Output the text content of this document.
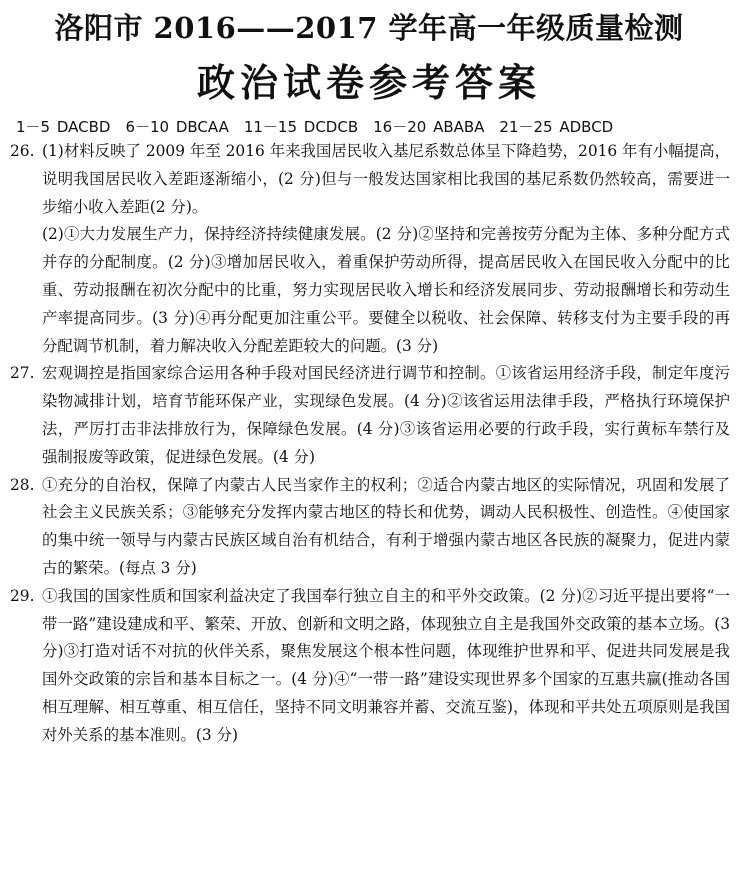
洛阳市 2016——2017 学年高一年级质量检测
政治试卷参考答案
1－5 DACBD　6－10 DBCAA　11－15 DCDCB　16－20 ABABA　21－25 ADBCD
26. (1)材料反映了 2009 年至 2016 年来我国居民收入基尼系数总体呈下降趋势，2016 年有小幅提高，说明我国居民收入差距逐渐缩小，(2 分)但与一般发达国家相比我国的基尼系数仍然较高，需要进一步缩小收入差距(2 分)。
(2)①大力发展生产力，保持经济持续健康发展。(2 分)②坚持和完善按劳分配为主体、多种分配方式并存的分配制度。(2 分)③增加居民收入，着重保护劳动所得，提高居民收入在国民收入分配中的比重、劳动报酬在初次分配中的比重，努力实现居民收入增长和经济发展同步、劳动报酬增长和劳动生产率提高同步。(3 分)④再分配更加注重公平。要健全以税收、社会保障、转移支付为主要手段的再分配调节机制，着力解决收入分配差距较大的问题。(3 分)
27. 宏观调控是指国家综合运用各种手段对国民经济进行调节和控制。①该省运用经济手段，制定年度污染物减排计划，培育节能环保产业，实现绿色发展。(4 分)②该省运用法律手段，严格执行环境保护法，严厉打击非法排放行为，保障绿色发展。(4 分)③该省运用必要的行政手段，实行黄标车禁行及强制报废等政策，促进绿色发展。(4 分)
28. ①充分的自治权，保障了内蒙古人民当家作主的权利；②适合内蒙古地区的实际情况，巩固和发展了社会主义民族关系；③能够充分发挥内蒙古地区的特长和优势，调动人民积极性、创造性。④使国家的集中统一领导与内蒙古民族区域自治有机结合，有利于增强内蒙古地区各民族的凝聚力，促进内蒙古的繁荣。(每点 3 分)
29. ①我国的国家性质和国家利益决定了我国奉行独立自主的和平外交政策。(2 分)②习近平提出要将“一带一路”建设建成和平、繁荣、开放、创新和文明之路，体现独立自主是我国外交政策的基本立场。(3 分)③打造对话不对抗的伙伴关系，聚焦发展这个根本性问题，体现维护世界和平、促进共同发展是我国外交政策的宗旨和基本目标之一。(4 分)④“一带一路”建设实现世界多个国家的互惠共赢(推动各国相互理解、相互尊重、相互信任，坚持不同文明兼容并蓄、交流互鉴)，体现和平共处五项原则是我国对外关系的基本准则。(3 分)
